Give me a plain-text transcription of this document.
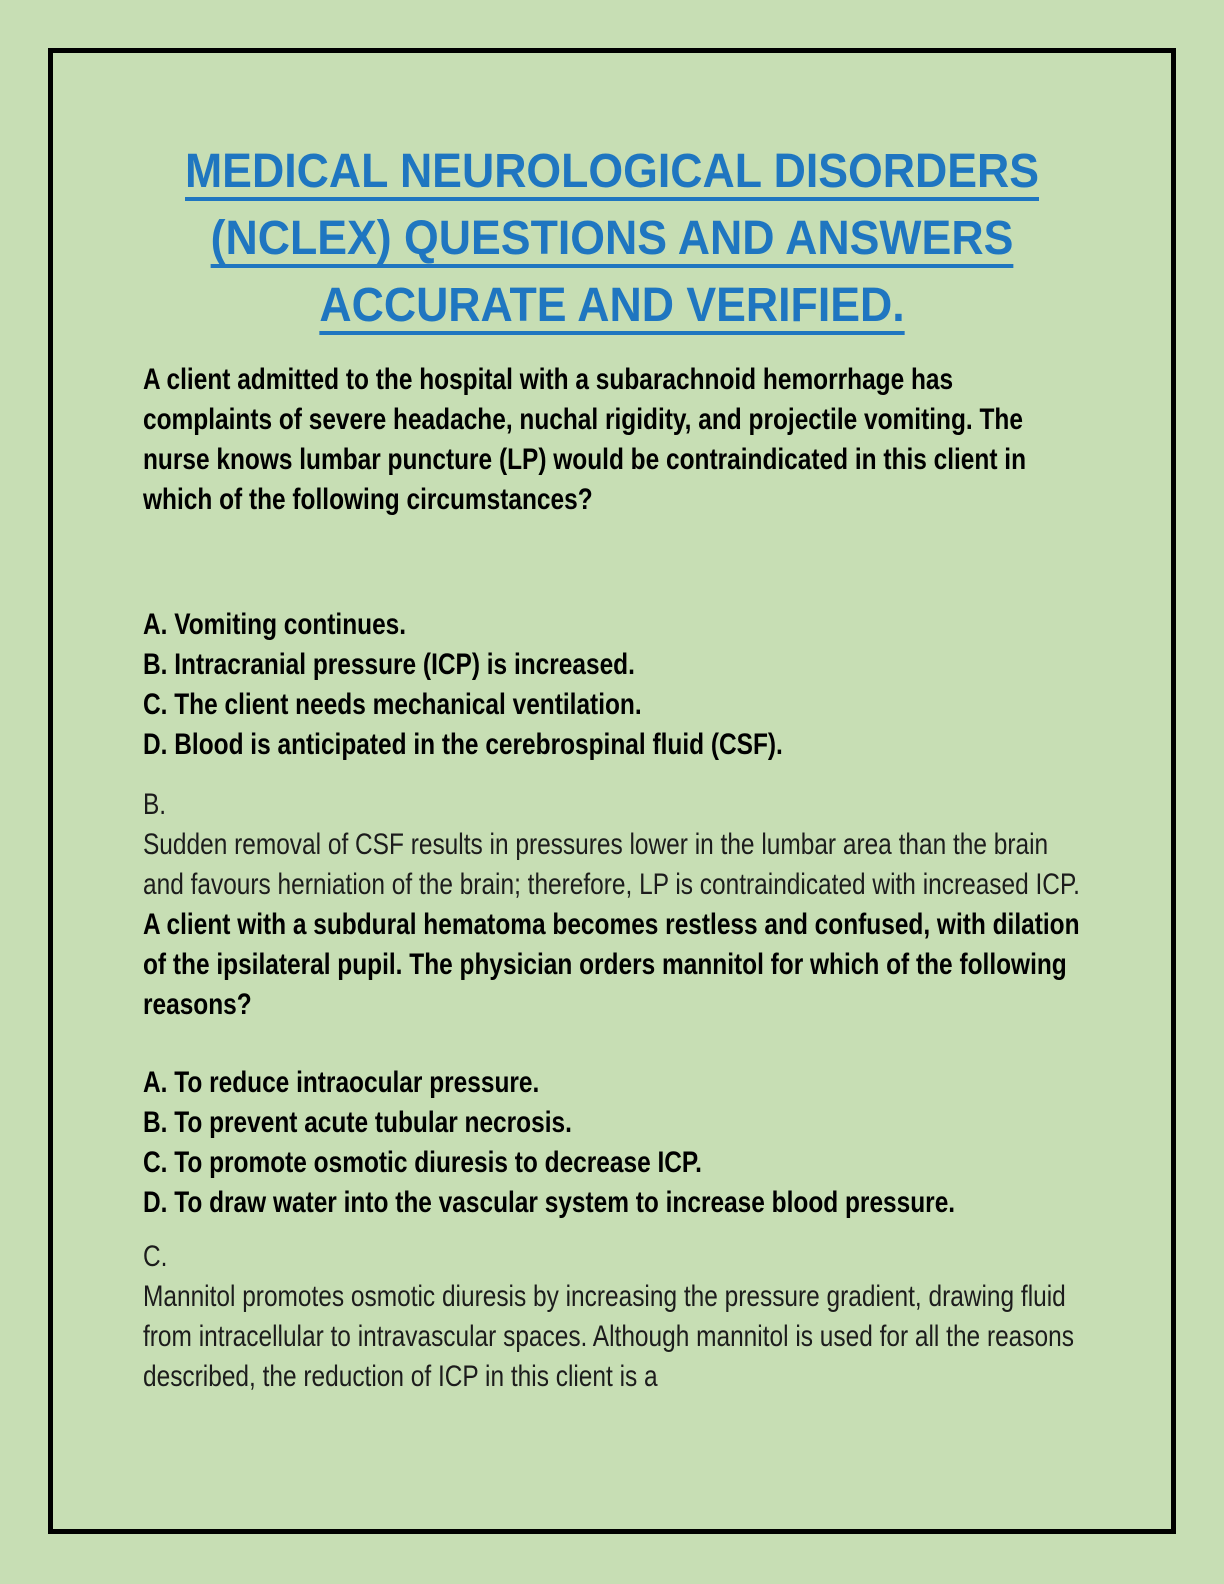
MEDICAL NEUROLOGICAL DISORDERS
(NCLEX) QUESTIONS AND ANSWERS
ACCURATE AND VERIFIED.

A client admitted to the hospital with a subarachnoid hemorrhage has complaints of severe headache, nuchal rigidity, and projectile vomiting. The nurse knows lumbar puncture (LP) would be contraindicated in this client in which of the following circumstances?

A. Vomiting continues.

B. Intracranial pressure (ICP) is increased.

C. The client needs mechanical ventilation.

D. Blood is anticipated in the cerebrospinal fluid (CSF).

B.

Sudden removal of CSF results in pressures lower in the lumbar area than the brain and favours herniation of the brain; therefore, LP is contraindicated with increased ICP.

A client with a subdural hematoma becomes restless and confused, with dilation of the ipsilateral pupil. The physician orders mannitol for which of the following reasons?

A. To reduce intraocular pressure.

B. To prevent acute tubular necrosis.

C. To promote osmotic diuresis to decrease ICP.

D. To draw water into the vascular system to increase blood pressure.

C.

Mannitol promotes osmotic diuresis by increasing the pressure gradient, drawing fluid from intracellular to intravascular spaces. Although mannitol is used for all the reasons described, the reduction of ICP in this client is a
